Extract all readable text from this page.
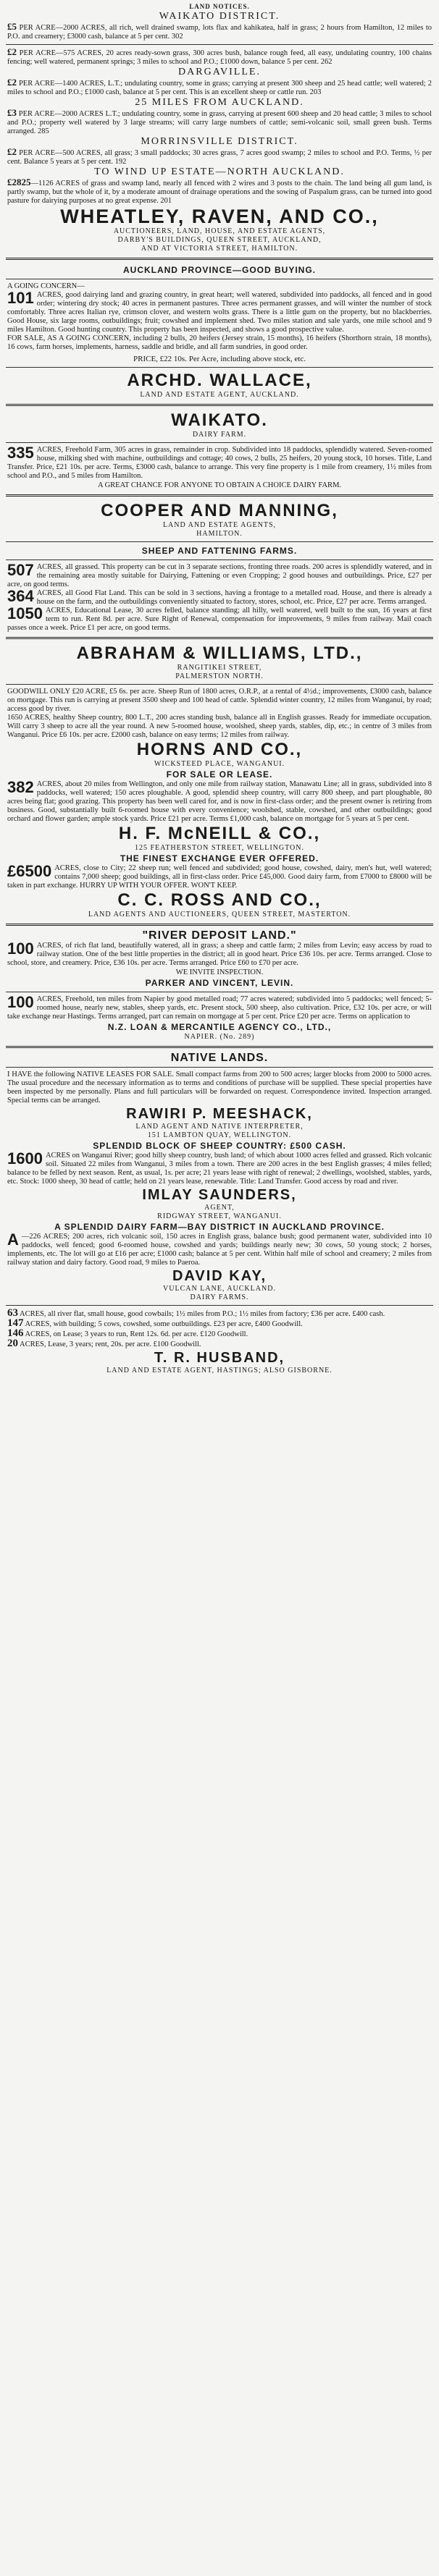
LAND NOTICES.
WAIKATO DISTRICT.
£5 PER ACRE—2000 ACRES, all rich, well drained swamp, lots flax and kahikatea, half in grass; 2 hours from Hamilton, 12 miles to P.O. and creamery; £3000 cash, balance at 5 per cent. 302
£2 PER ACRE—575 ACRES, 20 acres ready-sown grass, 300 acres bush, balance rough feed, all easy, undulating country, 100 chains fencing; well watered, permanent springs; 3 miles to school and P.O.; £1000 down, balance 5 per cent. 262
DARGAVILLE.
£2 PER ACRE—1400 ACRES, L.T.; undulating country, some in grass; carrying at present 300 sheep and 25 head cattle; well watered; 2 miles to school and P.O.; £1000 cash, balance at 5 per cent. This is an excellent sheep or cattle run. 203
25 MILES FROM AUCKLAND.
£3 PER ACRE—2000 ACRES L.T.; undulating country, some in grass, carrying at present 600 sheep and 20 head cattle; 3 miles to school and P.O.; property well watered by 3 large streams; will carry large numbers of cattle; semi-volcanic soil, small green bush. Terms arranged. 285
MORRINSVILLE DISTRICT.
£2 PER ACRE—500 ACRES, all grass; 3 small paddocks; 30 acres grass, 7 acres good swamp; 2 miles to school and P.O. Terms, ½ per cent. Balance 5 years at 5 per cent. 192
TO WIND UP ESTATE—NORTH AUCKLAND.
£2825—1126 ACRES of grass and swamp land, nearly all fenced with 2 wires and 3 posts to the chain. The land being all gum land, is partly swamp, but the whole of it, by a moderate amount of drainage operations and the sowing of Paspalum grass, can be turned into good pasture for dairying purposes at no great expense. 201
WHEATLEY, RAVEN, AND CO.,
AUCTIONEERS, LAND, HOUSE, AND ESTATE AGENTS,
DARBY'S BUILDINGS, QUEEN STREET, AUCKLAND,
AND AT VICTORIA STREET, HAMILTON.
AUCKLAND PROVINCE—GOOD BUYING.
A GOING CONCERN—
101 ACRES, good dairying land and grazing country, in great heart; well watered, subdivided into paddocks, all fenced and in good order; wintering dry stock; 40 acres in permanent pastures. Three acres permanent grasses, and will winter the number of stock comfortably. Three acres Italian rye, crimson clover, and western wolts grass. There is a little gum on the property, but no blackberries. Good House, six large rooms, outbuildings; fruit; cowshed and implement shed. Two miles station and sale yards, one mile school and 9 miles Hamilton. Good hunting country. This property has been inspected, and shows a good prospective value.
FOR SALE, AS A GOING CONCERN, including 2 bulls, 20 heifers (Jersey strain, 15 months), 16 heifers (Shorthorn strain, 18 months), 16 cows, farm horses, implements, harness, saddle and bridle, and all farm sundries, in good order.
PRICE, £22 10s. Per Acre, including above stock, etc.
ARCHD. WALLACE,
LAND AND ESTATE AGENT, AUCKLAND.
WAIKATO.
DAIRY FARM.
335 ACRES, Freehold Farm, 305 acres in grass, remainder in crop. Subdivided into 18 paddocks, splendidly watered. Seven-roomed house, milking shed with machine, outbuildings and cottage; 40 cows, 2 bulls, 25 heifers, 20 young stock, 10 horses. Title, Land Transfer. Price, £21 10s. per acre. Terms, £3000 cash, balance to arrange. This very fine property is 1 mile from creamery, 1½ miles from school and P.O., and 5 miles from Hamilton.
A GREAT CHANCE FOR ANYONE TO OBTAIN A CHOICE DAIRY FARM.
COOPER AND MANNING,
LAND AND ESTATE AGENTS,
HAMILTON.
SHEEP AND FATTENING FARMS.
507 ACRES, all grassed. This property can be cut in 3 separate sections, fronting three roads. 200 acres is splendidly watered, and in the remaining area mostly suitable for Dairying, Fattening or even Cropping; 2 good houses and outbuildings. Price, £27 per acre, on good terms.
364 ACRES, all Good Flat Land. This can be sold in 3 sections, having a frontage to a metalled road. House, and there is already a house on the farm, and the outbuildings conveniently situated to factory, stores, school, etc. Price, £27 per acre. Terms arranged.
1050 ACRES, Educational Lease, 30 acres felled, balance standing; all hilly, well watered, well built to the sun, 16 years at first term to run. Rent 8d. per acre. Sure Right of Renewal, compensation for improvements, 9 miles from railway. Mail coach passes once a week. Price £1 per acre, on good terms.
ABRAHAM & WILLIAMS, LTD.,
RANGITIKEI STREET,
PALMERSTON NORTH.
GOODWILL ONLY £20 ACRE, £5 6s. per acre. Sheep Run of 1800 acres, O.R.P., at a rental of 4½d.; improvements, £3000 cash, balance on mortgage. This run is carrying at present 3500 sheep and 100 head of cattle. Splendid winter country, 12 miles from Wanganui, by road; access good by river.
1650 ACRES, healthy Sheep country, 800 L.T., 200 acres standing bush, balance all in English grasses. Ready for immediate occupation. Will carry 3 sheep to acre all the year round. A new 5-roomed house, woolshed, sheep yards, stables, dip, etc.; in centre of 3 miles from Wanganui. Price £6 10s. per acre. £2000 cash, balance on easy terms; 12 miles from railway.
HORNS AND CO.,
WICKSTEED PLACE, WANGANUI.
FOR SALE OR LEASE.
382 ACRES, about 20 miles from Wellington, and only one mile from railway station, Manawatu Line; all in grass, subdivided into 8 paddocks, well watered; 150 acres ploughable. A good, splendid sheep country, will carry 800 sheep, and part ploughable, 80 acres being flat; good grazing. This property has been well cared for, and is now in first-class order; and the present owner is retiring from business. Good, substantially built 6-roomed house with every convenience; woolshed, stable, cowshed, and other outbuildings; good orchard and flower garden; ample stock yards. Price £21 per acre. Terms £1,000 cash, balance on mortgage for 5 years at 5 per cent.
H. F. McNEILL & CO.,
125 FEATHERSTON STREET, WELLINGTON.
THE FINEST EXCHANGE EVER OFFERED.
£6500 ACRES, close to City; 22 sheep run; well fenced and subdivided; good house, cowshed, dairy, men's hut, well watered; contains 7,000 sheep; good buildings, all in first-class order. Price £45,000. Good dairy farm, from £7000 to £8000 will be taken in part exchange. HURRY UP WITH YOUR OFFER. WON'T KEEP.
C. C. ROSS AND CO.,
LAND AGENTS AND AUCTIONEERS, QUEEN STREET, MASTERTON.
"RIVER DEPOSIT LAND."
100 ACRES, of rich flat land, beautifully watered, all in grass; a sheep and cattle farm; 2 miles from Levin; easy access by road to railway station. One of the best little properties in the district; all in good heart. Price £36 10s. per acre. Terms arranged. Close to school, store, and creamery. Price, £36 10s. per acre. Terms arranged. Price £60 to £70 per acre.
WE INVITE INSPECTION.
PARKER AND VINCENT, LEVIN.
100 ACRES, Freehold, ten miles from Napier by good metalled road; 77 acres watered; subdivided into 5 paddocks; well fenced; 5-roomed house, nearly new, stables, sheep yards, etc. Present stock, 500 sheep, also cultivation. Price, £32 10s. per acre, or will take exchange near Hastings. Terms arranged, part can remain on mortgage at 5 per cent. Price £20 per acre. Terms on application to
N.Z. LOAN & MERCANTILE AGENCY CO., LTD.,
NAPIER. (No. 289)
NATIVE LANDS.
I HAVE the following NATIVE LEASES FOR SALE. Small compact farms from 200 to 500 acres; larger blocks from 2000 to 5000 acres. The usual procedure and the necessary information as to terms and conditions of purchase will be supplied. These special properties have been inspected by me personally. Plans and full particulars will be forwarded on request. Correspondence invited. Inspection arranged. Special terms can be arranged.
RAWIRI P. MEESHACK,
LAND AGENT AND NATIVE INTERPRETER,
151 LAMBTON QUAY, WELLINGTON.
SPLENDID BLOCK OF SHEEP COUNTRY: £500 CASH.
1600 ACRES on Wanganui River; good hilly sheep country, bush land; of which about 1000 acres felled and grassed. Rich volcanic soil. Situated 22 miles from Wanganui, 3 miles from a town. There are 200 acres in the best English grasses; 4 miles felled; balance to be felled by next season. Rent, as usual, 1s. per acre; 21 years lease with right of renewal; 2 dwellings, woolshed, stables, yards, etc. Stock: 1000 sheep, 30 head of cattle; held on 21 years lease, renewable. Title: Land Transfer. Good access by road and river.
IMLAY SAUNDERS,
AGENT,
RIDGWAY STREET, WANGANUI.
A SPLENDID DAIRY FARM—BAY DISTRICT IN AUCKLAND PROVINCE.
A —226 ACRES; 200 acres, rich volcanic soil, 150 acres in English grass, balance bush; good permanent water, subdivided into 10 paddocks, well fenced; good 6-roomed house, cowshed and yards; buildings nearly new; 30 cows, 50 young stock; 2 horses, implements, etc. The lot will go at £16 per acre; £1000 cash; balance at 5 per cent. Within half mile of school and creamery; 2 miles from railway station and dairy factory. Good road, 9 miles to Paeroa.
DAVID KAY,
VULCAN LANE, AUCKLAND.
DAIRY FARMS.
63 ACRES, all river flat, small house, good cowbails; 1½ miles from P.O.; 1½ miles from factory; £36 per acre. £400 cash.
147 ACRES, with building; 5 cows, cowshed, some outbuildings. £23 per acre, £400 Goodwill.
146 ACRES, on Lease; 3 years to run, Rent 12s. 6d. per acre. £120 Goodwill.
20 ACRES, Lease, 3 years; rent, 20s. per acre. £100 Goodwill.
T. R. HUSBAND,
LAND AND ESTATE AGENT, HASTINGS; ALSO GISBORNE.
